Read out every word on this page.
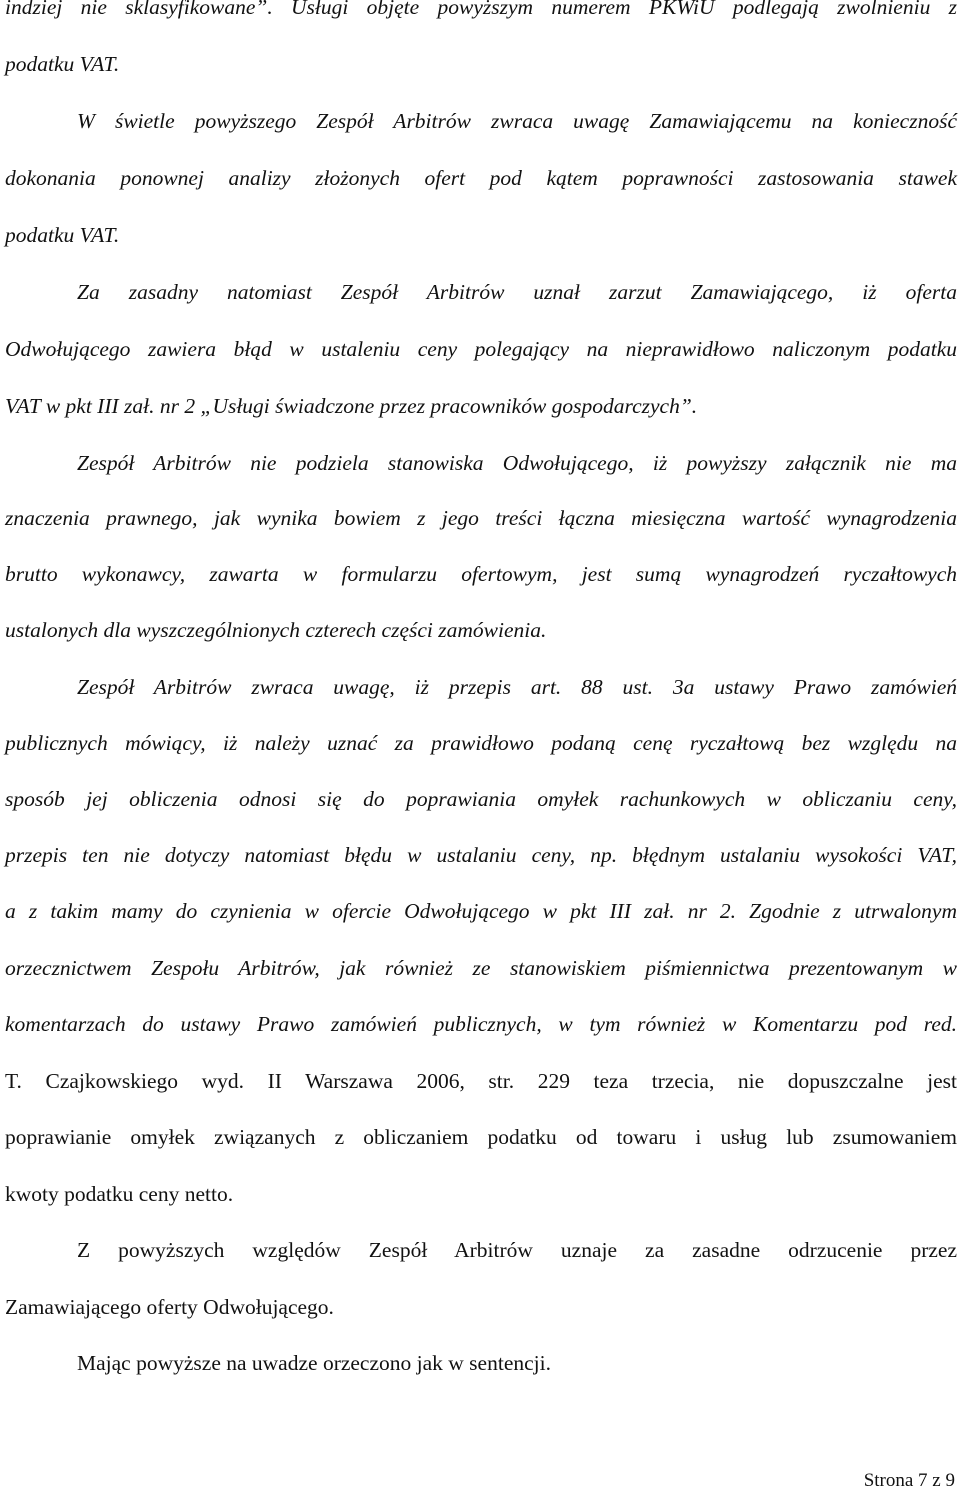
indziej nie sklasyfikowane”. Usługi objęte powyższym numerem PKWiU podlegają zwolnieniu z
podatku VAT.
W świetle powyższego Zespół Arbitrów zwraca uwagę Zamawiającemu na konieczność
dokonania ponownej analizy złożonych ofert pod kątem poprawności zastosowania stawek
podatku VAT.
Za zasadny natomiast Zespół Arbitrów uznał zarzut Zamawiającego, iż oferta
Odwołującego zawiera błąd w ustaleniu ceny polegający na nieprawidłowo naliczonym podatku
VAT w pkt III zał. nr 2 „Usługi świadczone przez pracowników gospodarczych”.
Zespół Arbitrów nie podziela stanowiska Odwołującego, iż powyższy załącznik nie ma
znaczenia prawnego, jak wynika bowiem z jego treści łączna miesięczna wartość wynagrodzenia
brutto wykonawcy, zawarta w formularzu ofertowym, jest sumą wynagrodzeń ryczałtowych
ustalonych dla wyszczególnionych czterech części zamówienia.
Zespół Arbitrów zwraca uwagę, iż przepis art. 88 ust. 3a ustawy Prawo zamówień
publicznych mówiący, iż należy uznać za prawidłowo podaną cenę ryczałtową bez względu na
sposób jej obliczenia odnosi się do poprawiania omyłek rachunkowych w obliczaniu ceny,
przepis ten nie dotyczy natomiast błędu w ustalaniu ceny, np. błędnym ustalaniu wysokości VAT,
a z takim mamy do czynienia w ofercie Odwołującego w pkt III zał. nr 2. Zgodnie z utrwalonym
orzecznictwem Zespołu Arbitrów, jak również ze stanowiskiem piśmiennictwa prezentowanym w
komentarzach do ustawy Prawo zamówień publicznych, w tym również w Komentarzu pod red.
T. Czajkowskiego wyd. II Warszawa 2006, str. 229 teza trzecia, nie dopuszczalne jest
poprawianie omyłek związanych z obliczaniem podatku od towaru i usług lub zsumowaniem
kwoty podatku ceny netto.
Z powyższych względów Zespół Arbitrów uznaje za zasadne odrzucenie przez
Zamawiającego oferty Odwołującego.
Mając powyższe na uwadze orzeczono jak w sentencji.
Strona 7 z 9
